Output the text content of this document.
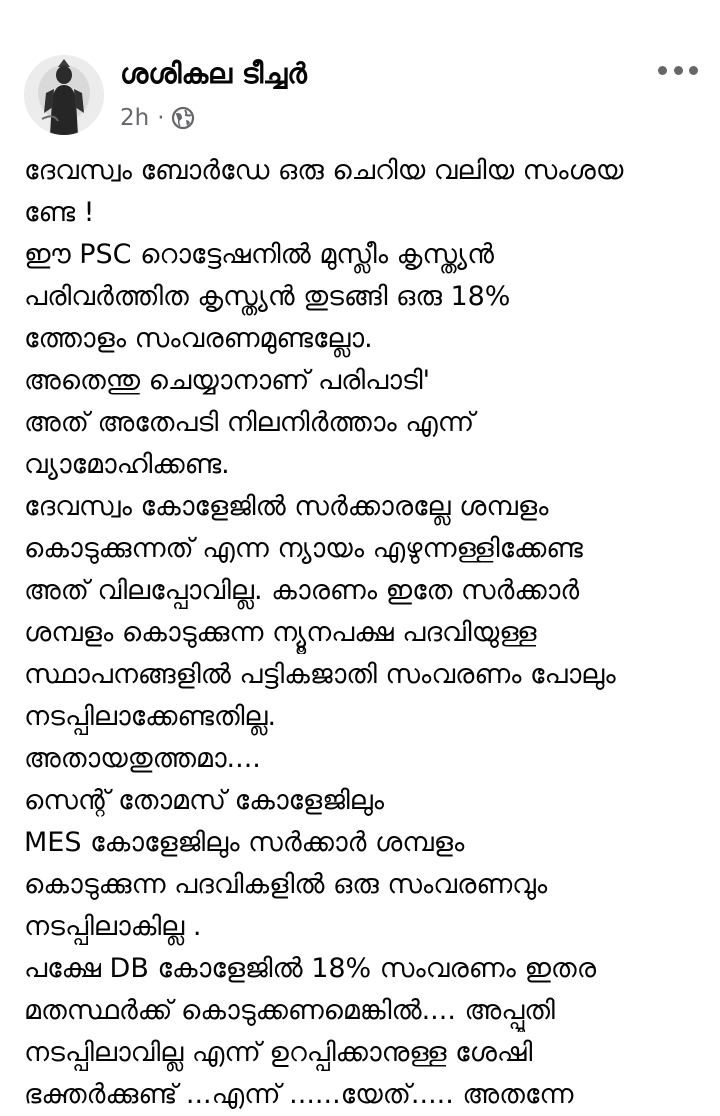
ശശികല ടീച്ചർ
2h ·
ദേവസ്വം ബോർഡേ ഒരു ചെറിയ വലിയ സംശയ
ണ്ടേ !
ഈ PSC റൊട്ടേഷനിൽ മുസ്ലീം കൃസ്ത്യൻ
പരിവർത്തിത കൃസ്ത്യൻ തുടങ്ങി ഒരു 18%
ത്തോളം സംവരണമുണ്ടല്ലോ.
അതെന്തു ചെയ്യാനാണ് പരിപാടി'
അത് അതേപടി നിലനിർത്താം എന്ന്
വ്യാമോഹിക്കണ്ട.
ദേവസ്വം കോളേജിൽ സർക്കാരല്ലേ ശമ്പളം
കൊടുക്കുന്നത് എന്ന ന്യായം എഴുന്നള്ളിക്കേണ്ട
അത് വിലപ്പോവില്ല. കാരണം ഇതേ സർക്കാർ
ശമ്പളം കൊടുക്കുന്ന ന്യൂനപക്ഷ പദവിയുള്ള
സ്ഥാപനങ്ങളിൽ പട്ടികജാതി സംവരണം പോലും
നടപ്പിലാക്കേണ്ടതില്ല.
അതായതുത്തമാ....
സെന്റ് തോമസ് കോളേജിലും
MES കോളേജിലും സർക്കാർ ശമ്പളം
കൊടുക്കുന്ന പദവികളിൽ ഒരു സംവരണവും
നടപ്പിലാകില്ല .
പക്ഷേ DB കോളേജിൽ 18% സംവരണം ഇതര
മതസ്ഥർക്ക് കൊടുക്കണമെങ്കിൽ.... അപ്പൂതി
നടപ്പിലാവില്ല എന്ന് ഉറപ്പിക്കാനുള്ള ശേഷി
ഭക്തർക്കുണ്ട് ...എന്ന് ......യേത്..... അതന്നേ
